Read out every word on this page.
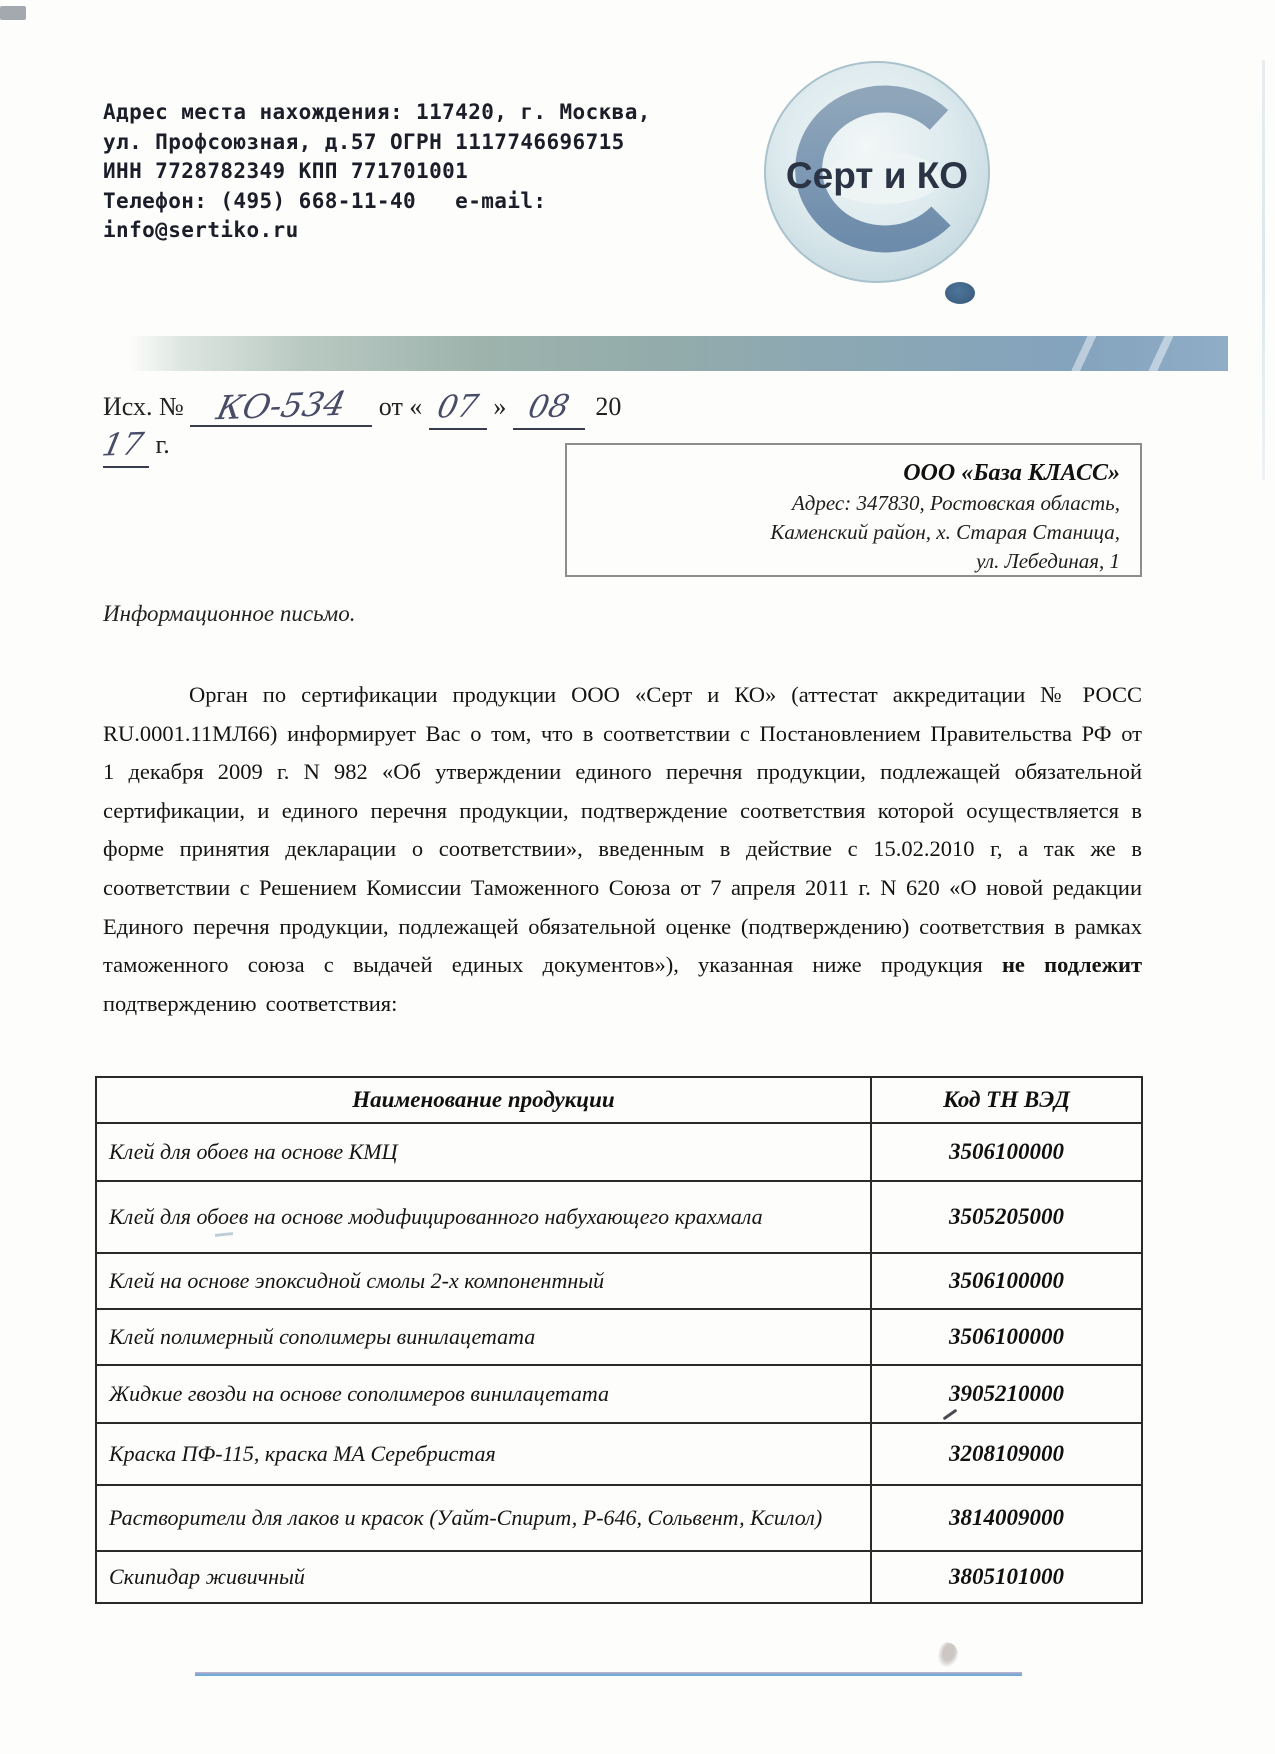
Адрес места нахождения: 117420, г. Москва,
ул. Профсоюзная, д.57 ОГРН 1117746696715
ИНН 7728782349 КПП 771701001
Телефон: (495) 668-11-40   e-mail:
info@sertiko.ru
Серт и КО
Исх. № КО-534 от « 07 » 08 2017 г.
ООО «База КЛАСС»
Адрес: 347830, Ростовская область,
Каменский район, х. Старая Станица,
ул. Лебединая, 1
Информационное письмо.
Орган по сертификации продукции ООО «Серт и КО» (аттестат аккредитации № РОСС RU.0001.11МЛ66) информирует Вас о том, что в соответствии с Постановлением Правительства РФ от 1 декабря 2009 г. N 982 «Об утверждении единого перечня продукции, подлежащей обязательной сертификации, и единого перечня продукции, подтверждение соответствия которой осуществляется в форме принятия декларации о соответствии», введенным в действие с 15.02.2010 г, а так же в соответствии с Решением Комиссии Таможенного Союза от 7 апреля 2011 г. N 620 «О новой редакции Единого перечня продукции, подлежащей обязательной оценке (подтверждению) соответствия в рамках таможенного союза с выдачей единых документов»), указанная ниже продукция не подлежит подтверждению соответствия:
Наименование продукции	Код ТН ВЭД
Клей для обоев на основе КМЦ	3506100000
Клей для обоев на основе модифицированного набухающего крахмала	3505205000
Клей на основе эпоксидной смолы 2-х компонентный	3506100000
Клей полимерный сополимеры винилацетата	3506100000
Жидкие гвозди на основе сополимеров винилацетата	3905210000

Краска ПФ-115, краска МА Серебристая	3208109000
Растворители для лаков и красок (Уайт-Спирит, Р-646, Сольвент, Ксилол)	3814009000
Скипидар живичный	3805101000
